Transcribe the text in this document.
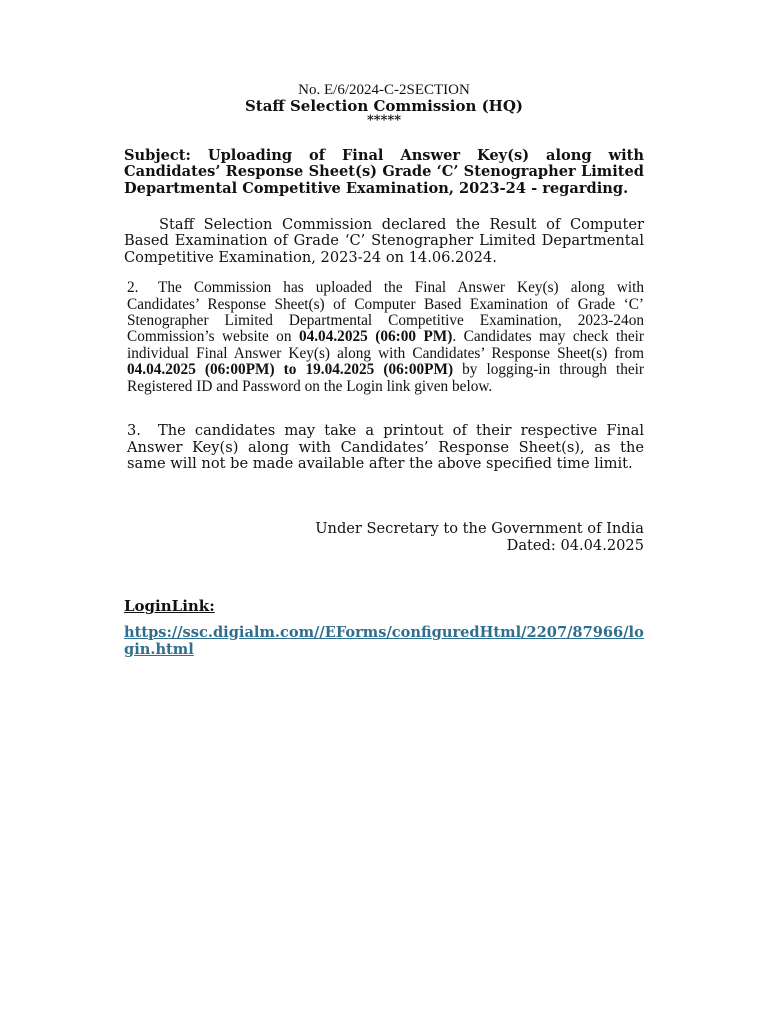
No. E/6/2024-C-2SECTION
Staff Selection Commission (HQ)
*****
Subject: Uploading of Final Answer Key(s) along with Candidates’ Response Sheet(s) Grade ‘C’ Stenographer Limited Departmental Competitive Examination, 2023-24 - regarding.
Staff Selection Commission declared the Result of Computer Based Examination of Grade ‘C’ Stenographer Limited Departmental Competitive Examination, 2023-24 on 14.06.2024.
2. The Commission has uploaded the Final Answer Key(s) along with Candidates’ Response Sheet(s) of Computer Based Examination of Grade ‘C’ Stenographer Limited Departmental Competitive Examination, 2023-24on Commission’s website on 04.04.2025 (06:00 PM). Candidates may check their individual Final Answer Key(s) along with Candidates’ Response Sheet(s) from 04.04.2025 (06:00PM) to 19.04.2025 (06:00PM) by logging-in through their Registered ID and Password on the Login link given below.
3. The candidates may take a printout of their respective Final Answer Key(s) along with Candidates’ Response Sheet(s), as the same will not be made available after the above specified time limit.
Under Secretary to the Government of India
Dated: 04.04.2025
LoginLink:
https://ssc.digialm.com//EForms/configuredHtml/2207/87966/login.html
